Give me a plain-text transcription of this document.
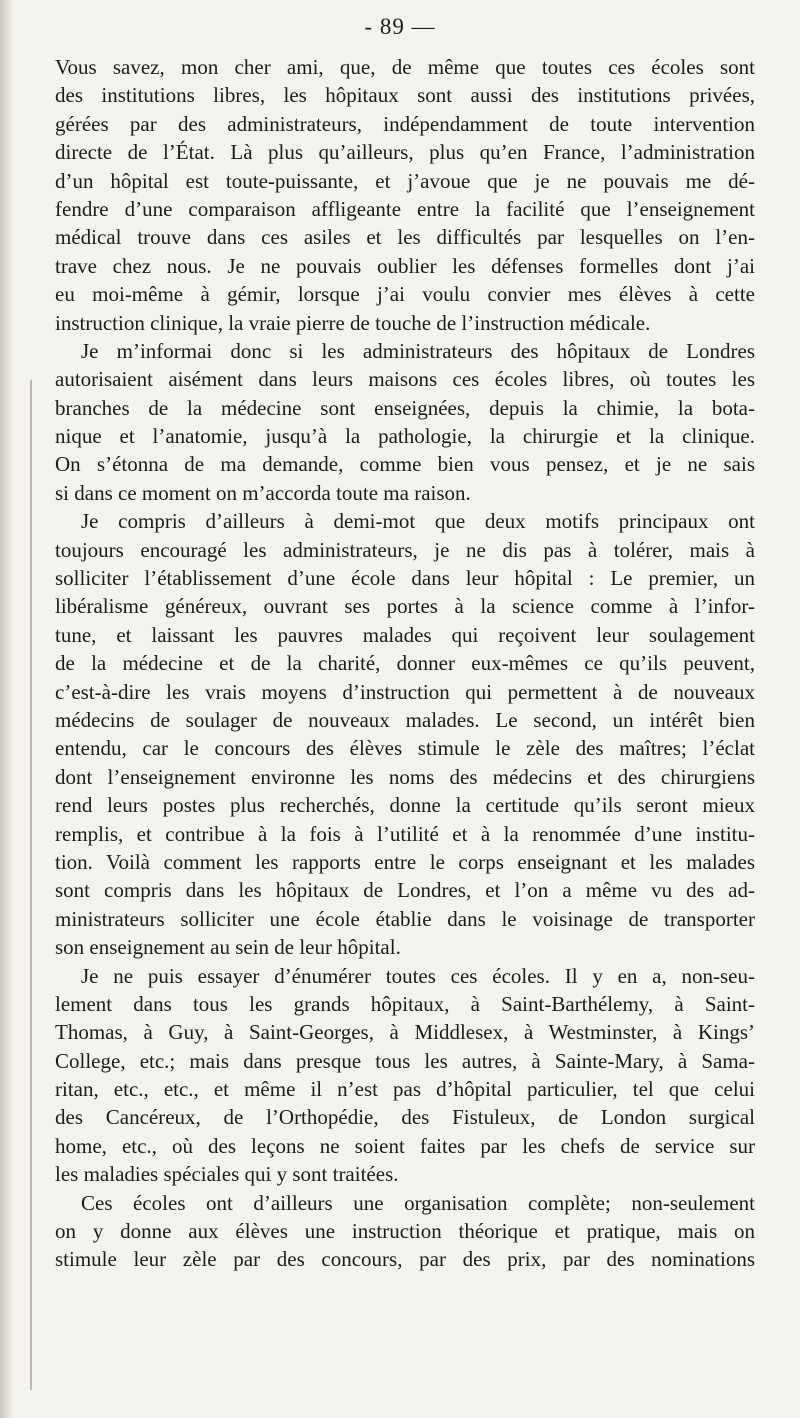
- 89 —
Vous savez, mon cher ami, que, de même que toutes ces écoles sont
des institutions libres, les hôpitaux sont aussi des institutions privées,
gérées par des administrateurs, indépendamment de toute intervention
directe de l’État. Là plus qu’ailleurs, plus qu’en France, l’administration
d’un hôpital est toute-puissante, et j’avoue que je ne pouvais me dé-
fendre d’une comparaison affligeante entre la facilité que l’enseignement
médical trouve dans ces asiles et les difficultés par lesquelles on l’en-
trave chez nous. Je ne pouvais oublier les défenses formelles dont j’ai
eu moi-même à gémir, lorsque j’ai voulu convier mes élèves à cette
instruction clinique, la vraie pierre de touche de l’instruction médicale.
Je m’informai donc si les administrateurs des hôpitaux de Londres
autorisaient aisément dans leurs maisons ces écoles libres, où toutes les
branches de la médecine sont enseignées, depuis la chimie, la bota-
nique et l’anatomie, jusqu’à la pathologie, la chirurgie et la clinique.
On s’étonna de ma demande, comme bien vous pensez, et je ne sais
si dans ce moment on m’accorda toute ma raison.
Je compris d’ailleurs à demi-mot que deux motifs principaux ont
toujours encouragé les administrateurs, je ne dis pas à tolérer, mais à
solliciter l’établissement d’une école dans leur hôpital : Le premier, un
libéralisme généreux, ouvrant ses portes à la science comme à l’infor-
tune, et laissant les pauvres malades qui reçoivent leur soulagement
de la médecine et de la charité, donner eux-mêmes ce qu’ils peuvent,
c’est-à-dire les vrais moyens d’instruction qui permettent à de nouveaux
médecins de soulager de nouveaux malades. Le second, un intérêt bien
entendu, car le concours des élèves stimule le zèle des maîtres; l’éclat
dont l’enseignement environne les noms des médecins et des chirurgiens
rend leurs postes plus recherchés, donne la certitude qu’ils seront mieux
remplis, et contribue à la fois à l’utilité et à la renommée d’une institu-
tion. Voilà comment les rapports entre le corps enseignant et les malades
sont compris dans les hôpitaux de Londres, et l’on a même vu des ad-
ministrateurs solliciter une école établie dans le voisinage de transporter
son enseignement au sein de leur hôpital.
Je ne puis essayer d’énumérer toutes ces écoles. Il y en a, non-seu-
lement dans tous les grands hôpitaux, à Saint-Barthélemy, à Saint-
Thomas, à Guy, à Saint-Georges, à Middlesex, à Westminster, à Kings’
College, etc.; mais dans presque tous les autres, à Sainte-Mary, à Sama-
ritan, etc., etc., et même il n’est pas d’hôpital particulier, tel que celui
des Cancéreux, de l’Orthopédie, des Fistuleux, de London surgical
home, etc., où des leçons ne soient faites par les chefs de service sur
les maladies spéciales qui y sont traitées.
Ces écoles ont d’ailleurs une organisation complète; non-seulement
on y donne aux élèves une instruction théorique et pratique, mais on
stimule leur zèle par des concours, par des prix, par des nominations
